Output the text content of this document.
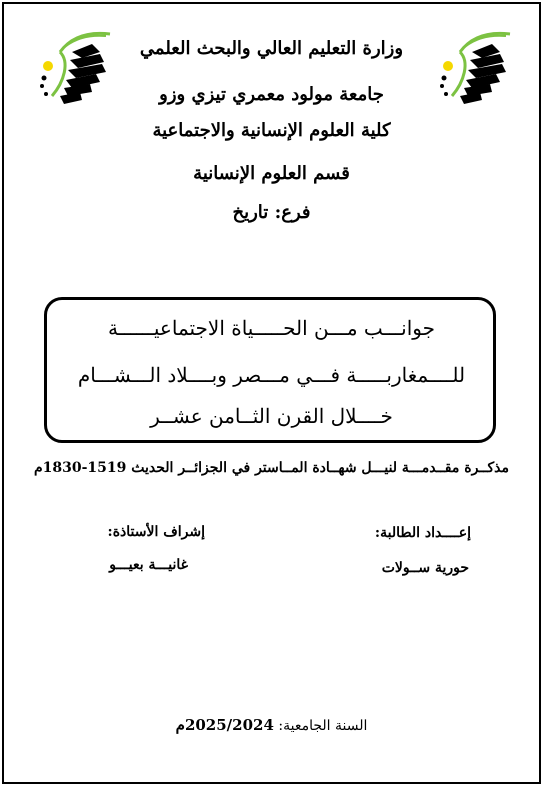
وزارة التعليم العالي والبحث العلمي
جامعة مولود معمري تيزي وزو
كلية العلوم الإنسانية والاجتماعية
قسم العلوم الإنسانية
فرع: تاريخ
جوانـــب مـــن الحـــــياة الاجتماعيــــــة
للــــمغاربـــــة فـــي مـــصر وبــــلاد الـــشـــام
خــــلال القرن الثــامن عشــر
مذكــرة مقــدمـــة لنيـــل شهــادة المــاستر في الجزائــر الحديث 1519-1830م
إعــــداد الطالبة:
إشراف الأستاذة:
حورية ســولات
غانيـــة بعيـــو
السنة الجامعية: 2025/2024م
